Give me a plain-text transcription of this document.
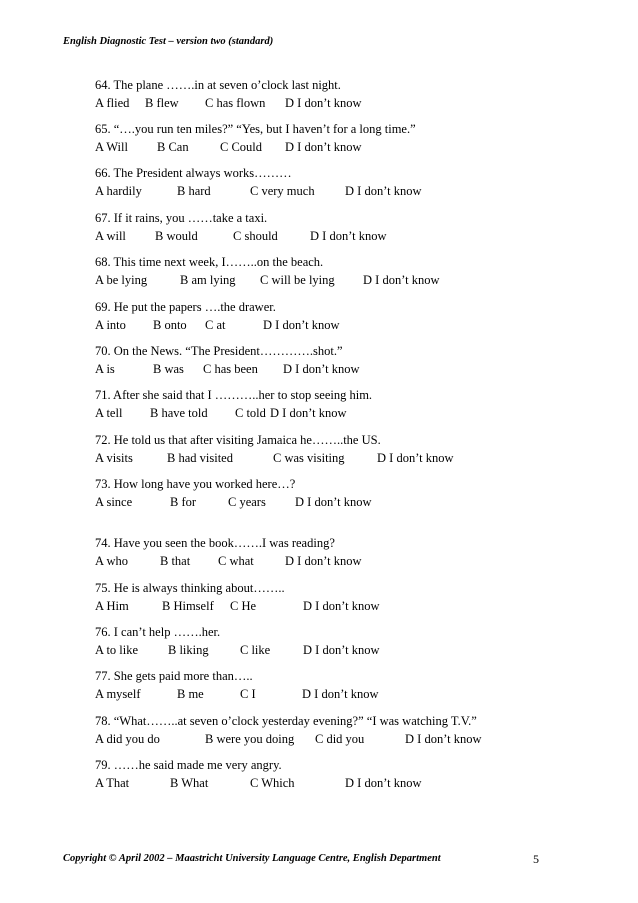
English Diagnostic Test – version two (standard)
64. The plane …….in at seven o’clock last night.
A flied B flew C has flown D I don’t know
65. “….you run ten miles?” “Yes, but I haven’t for a long time.”
A Will B Can	C Could D I don’t know
66. The President always works………
A hardily	B hard	C very much D I don’t know
67. If it rains, you ……take a taxi.
A will B would	C should	D I don’t know
68. This time next week, I……..on the beach.
A be lying	B am lying C will be lying D I don’t know
69. He put the papers ….the drawer.
A into B onto C at	D I don’t know
70. On the News. “The President………….shot.”
A is	B was C has been D I don’t know
71. After she said that I ………..her to stop seeing him.
A tell B have told C told D I don’t know
72. He told us that after visiting Jamaica he……..the US.
A visits	B had visited	C was visiting	D I don’t know
73. How long have you worked here…?
A since	B for	C years D I don’t know
74. Have you seen the book…….I was reading?
A who	B that C what D I don’t know
75. He is always thinking about……..
A Him	B Himself C He	D I don’t know
76. I can’t help …….her.
A to like B liking	C like	D I don’t know
77. She gets paid more than…..
A myself	B me	C I	D I don’t know
78. “What……..at seven o’clock yesterday evening?” “I was watching T.V.”
A did you do	B were you doing C did you	D I don’t know
79. ……he said made me very angry.
A That	B What	C Which	D I don’t know
Copyright © April 2002 – Maastricht University Language Centre, English Department	5
